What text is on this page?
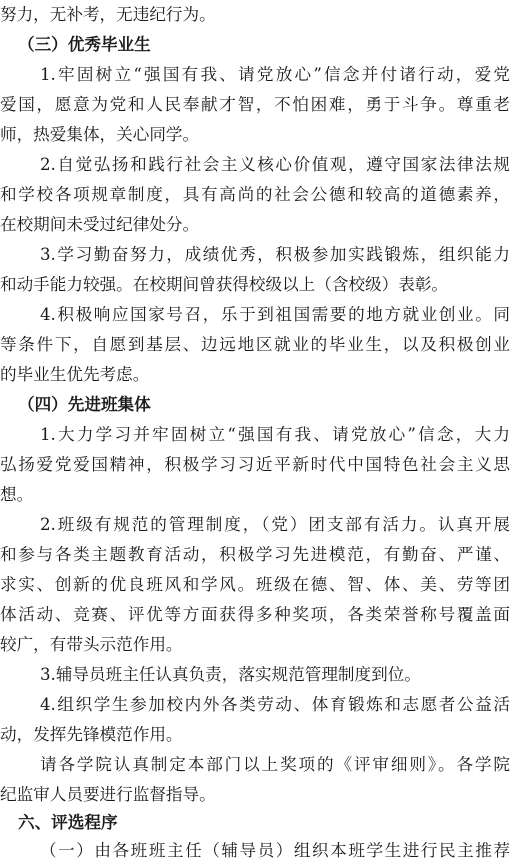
努力，无补考，无违纪行为。
（三）优秀毕业生
1.牢固树立“强国有我、请党放心”信念并付诸行动，爱党
爱国，愿意为党和人民奉献才智，不怕困难，勇于斗争。尊重老
师，热爱集体，关心同学。
2.自觉弘扬和践行社会主义核心价值观，遵守国家法律法规
和学校各项规章制度，具有高尚的社会公德和较高的道德素养，
在校期间未受过纪律处分。
3.学习勤奋努力，成绩优秀，积极参加实践锻炼，组织能力
和动手能力较强。在校期间曾获得校级以上（含校级）表彰。
4.积极响应国家号召，乐于到祖国需要的地方就业创业。同
等条件下，自愿到基层、边远地区就业的毕业生，以及积极创业
的毕业生优先考虑。
（四）先进班集体
1.大力学习并牢固树立“强国有我、请党放心”信念，大力
弘扬爱党爱国精神，积极学习习近平新时代中国特色社会主义思
想。
2.班级有规范的管理制度，（党）团支部有活力。认真开展
和参与各类主题教育活动，积极学习先进模范，有勤奋、严谨、
求实、创新的优良班风和学风。班级在德、智、体、美、劳等团
体活动、竞赛、评优等方面获得多种奖项，各类荣誉称号覆盖面
较广，有带头示范作用。
3.辅导员班主任认真负责，落实规范管理制度到位。
4.组织学生参加校内外各类劳动、体育锻炼和志愿者公益活
动，发挥先锋模范作用。
请各学院认真制定本部门以上奖项的《评审细则》。各学院
纪监审人员要进行监督指导。
六、评选程序
（一）由各班班主任（辅导员）组织本班学生进行民主推荐
